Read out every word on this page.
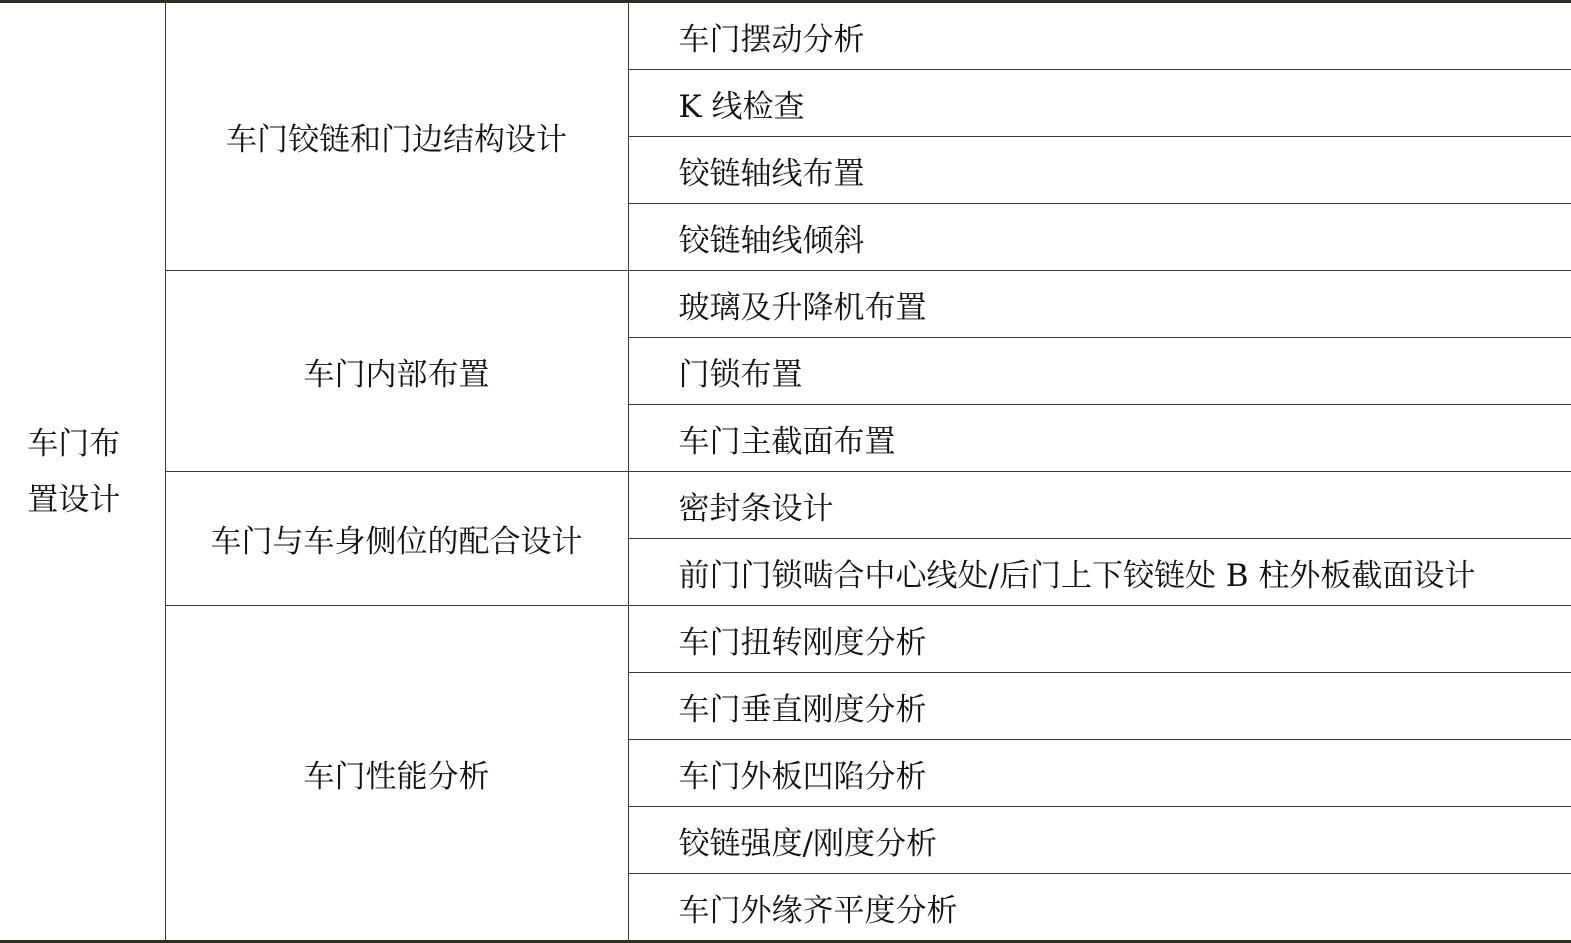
车门布置设计	车门铰链和门边结构设计	车门摆动分析
		K 线检查
		铰链轴线布置
		铰链轴线倾斜
	车门内部布置	玻璃及升降机布置
		门锁布置
		车门主截面布置
	车门与车身侧位的配合设计	密封条设计
		前门门锁啮合中心线处/后门上下铰链处 B 柱外板截面设计
	车门性能分析	车门扭转刚度分析
		车门垂直刚度分析
		车门外板凹陷分析
		铰链强度/刚度分析
		车门外缘齐平度分析
